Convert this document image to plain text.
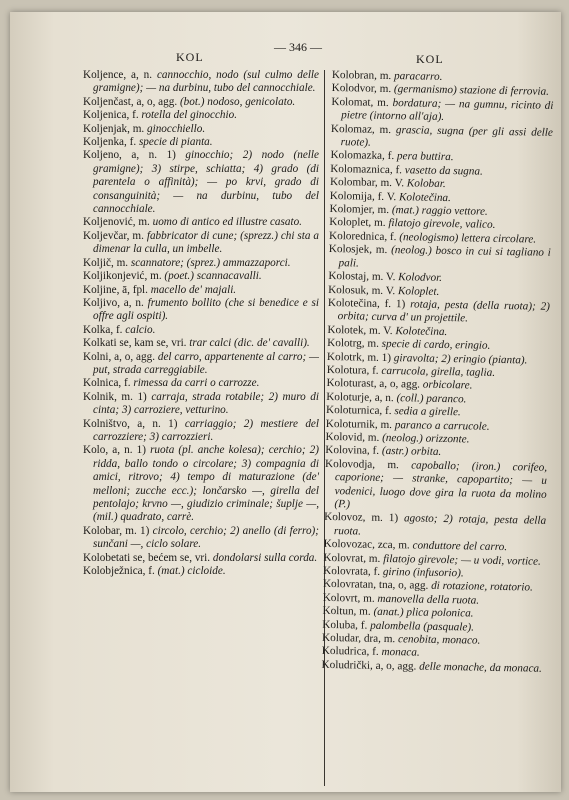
KOL
— 346 —
KOL

Koljence, a, n. cannocchio, nodo (sul culmo delle gramigne); — na durbinu, tubo del cannocchiale.

Koljenčast, a, o, agg. (bot.) nodoso, genicolato.

Koljenica, f. rotella del ginocchio.

Koljenjak, m. ginocchiello.

Koljenka, f. specie di pianta.

Koljeno, a, n. 1) ginocchio; 2) nodo (nelle gramigne); 3) stirpe, schiatta; 4) grado (di parentela o affinità); — po krvi, grado di consanguinità; — na durbinu, tubo del cannocchiale.

Koljenović, m. uomo di antico ed illustre casato.

Koljevčar, m. fabbricator di cune; (sprezz.) chi sta a dimenar la culla, un imbelle.

Koljič, m. scannatore; (sprez.) ammazzaporci.

Koljikonjević, m. (poet.) scannacavalli.

Koljine, ā, fpl. macello de' majali.

Koljivo, a, n. frumento bollito (che si benedice e si offre agli ospiti).

Kolka, f. calcio.

Kolkati se, kam se, vri. trar calci (dic. de' cavalli).

Kolni, a, o, agg. del carro, appartenente al carro; — put, strada carreggiabile.

Kolnica, f. rimessa da carri o carrozze.

Kolnik, m. 1) carraja, strada rotabile; 2) muro di cinta; 3) carroziere, vetturino.

Kolništvo, a, n. 1) carriaggio; 2) mestiere del carrozziere; 3) carrozzieri.

Kolo, a, n. 1) ruota (pl. anche kolesa); cerchio; 2) ridda, ballo tondo o circolare; 3) compagnia di amici, ritrovo; 4) tempo di maturazione (de' melloni; zucche ecc.); lončarsko —, girella del pentolajo; krvno —, giudizio criminale; šuplje —, (mil.) quadrato, carrè.

Kolobar, m. 1) circolo, cerchio; 2) anello (di ferro); sunčani —, ciclo solare.

Kolobetati se, bećem se, vri. dondolarsi sulla corda.

Kolobježnica, f. (mat.) cicloide.

Kolobran, m. paracarro.

Kolodvor, m. (germanismo) stazione di ferrovia.

Kolomat, m. bordatura; — na gumnu, ricinto di pietre (intorno all'aja).

Kolomaz, m. grascia, sugna (per gli assi delle ruote).

Kolomazka, f. pera buttira.

Kolomaznica, f. vasetto da sugna.

Kolombar, m. V. Kolobar.

Kolomija, f. V. Kolotečina.

Kolomjer, m. (mat.) raggio vettore.

Koloplet, m. filatojo girevole, valico.

Kolorednica, f. (neologismo) lettera circolare.

Kolosjek, m. (neolog.) bosco in cui si tagliano i pali.

Kolostaj, m. V. Kolodvor.

Kolosuk, m. V. Koloplet.

Kolotečina, f. 1) rotaja, pesta (della ruota); 2) orbita; curva d' un projettile.

Kolotek, m. V. Kolotečina.

Kolotrg, m. specie di cardo, eringio.

Kolotrk, m. 1) giravolta; 2) eringio (pianta).

Kolotura, f. carrucola, girella, taglia.

Koloturast, a, o, agg. orbicolare.

Koloturje, a, n. (coll.) paranco.

Koloturnica, f. sedia a girelle.

Koloturnik, m. paranco a carrucole.

Kolovid, m. (neolog.) orizzonte.

Kolovina, f. (astr.) orbita.

Kolovodja, m. capoballo; (iron.) corifeo, caporione; — stranke, capopartito; — u vodenici, luogo dove gira la ruota da molino (P.)

Kolovoz, m. 1) agosto; 2) rotaja, pesta della ruota.

Kolovozac, zca, m. conduttore del carro.

Kolovrat, m. filatojo girevole; — u vodi, vortice.

Kolovrata, f. girino (infusorio).

Kolovratan, tna, o, agg. di rotazione, rotatorio.

Kolovrt, m. manovella della ruota.

Koltun, m. (anat.) plica polonica.

Koluba, f. palombella (pasquale).

Koludar, dra, m. cenobita, monaco.

Koludrica, f. monaca.

Koludrički, a, o, agg. delle monache, da monaca.
